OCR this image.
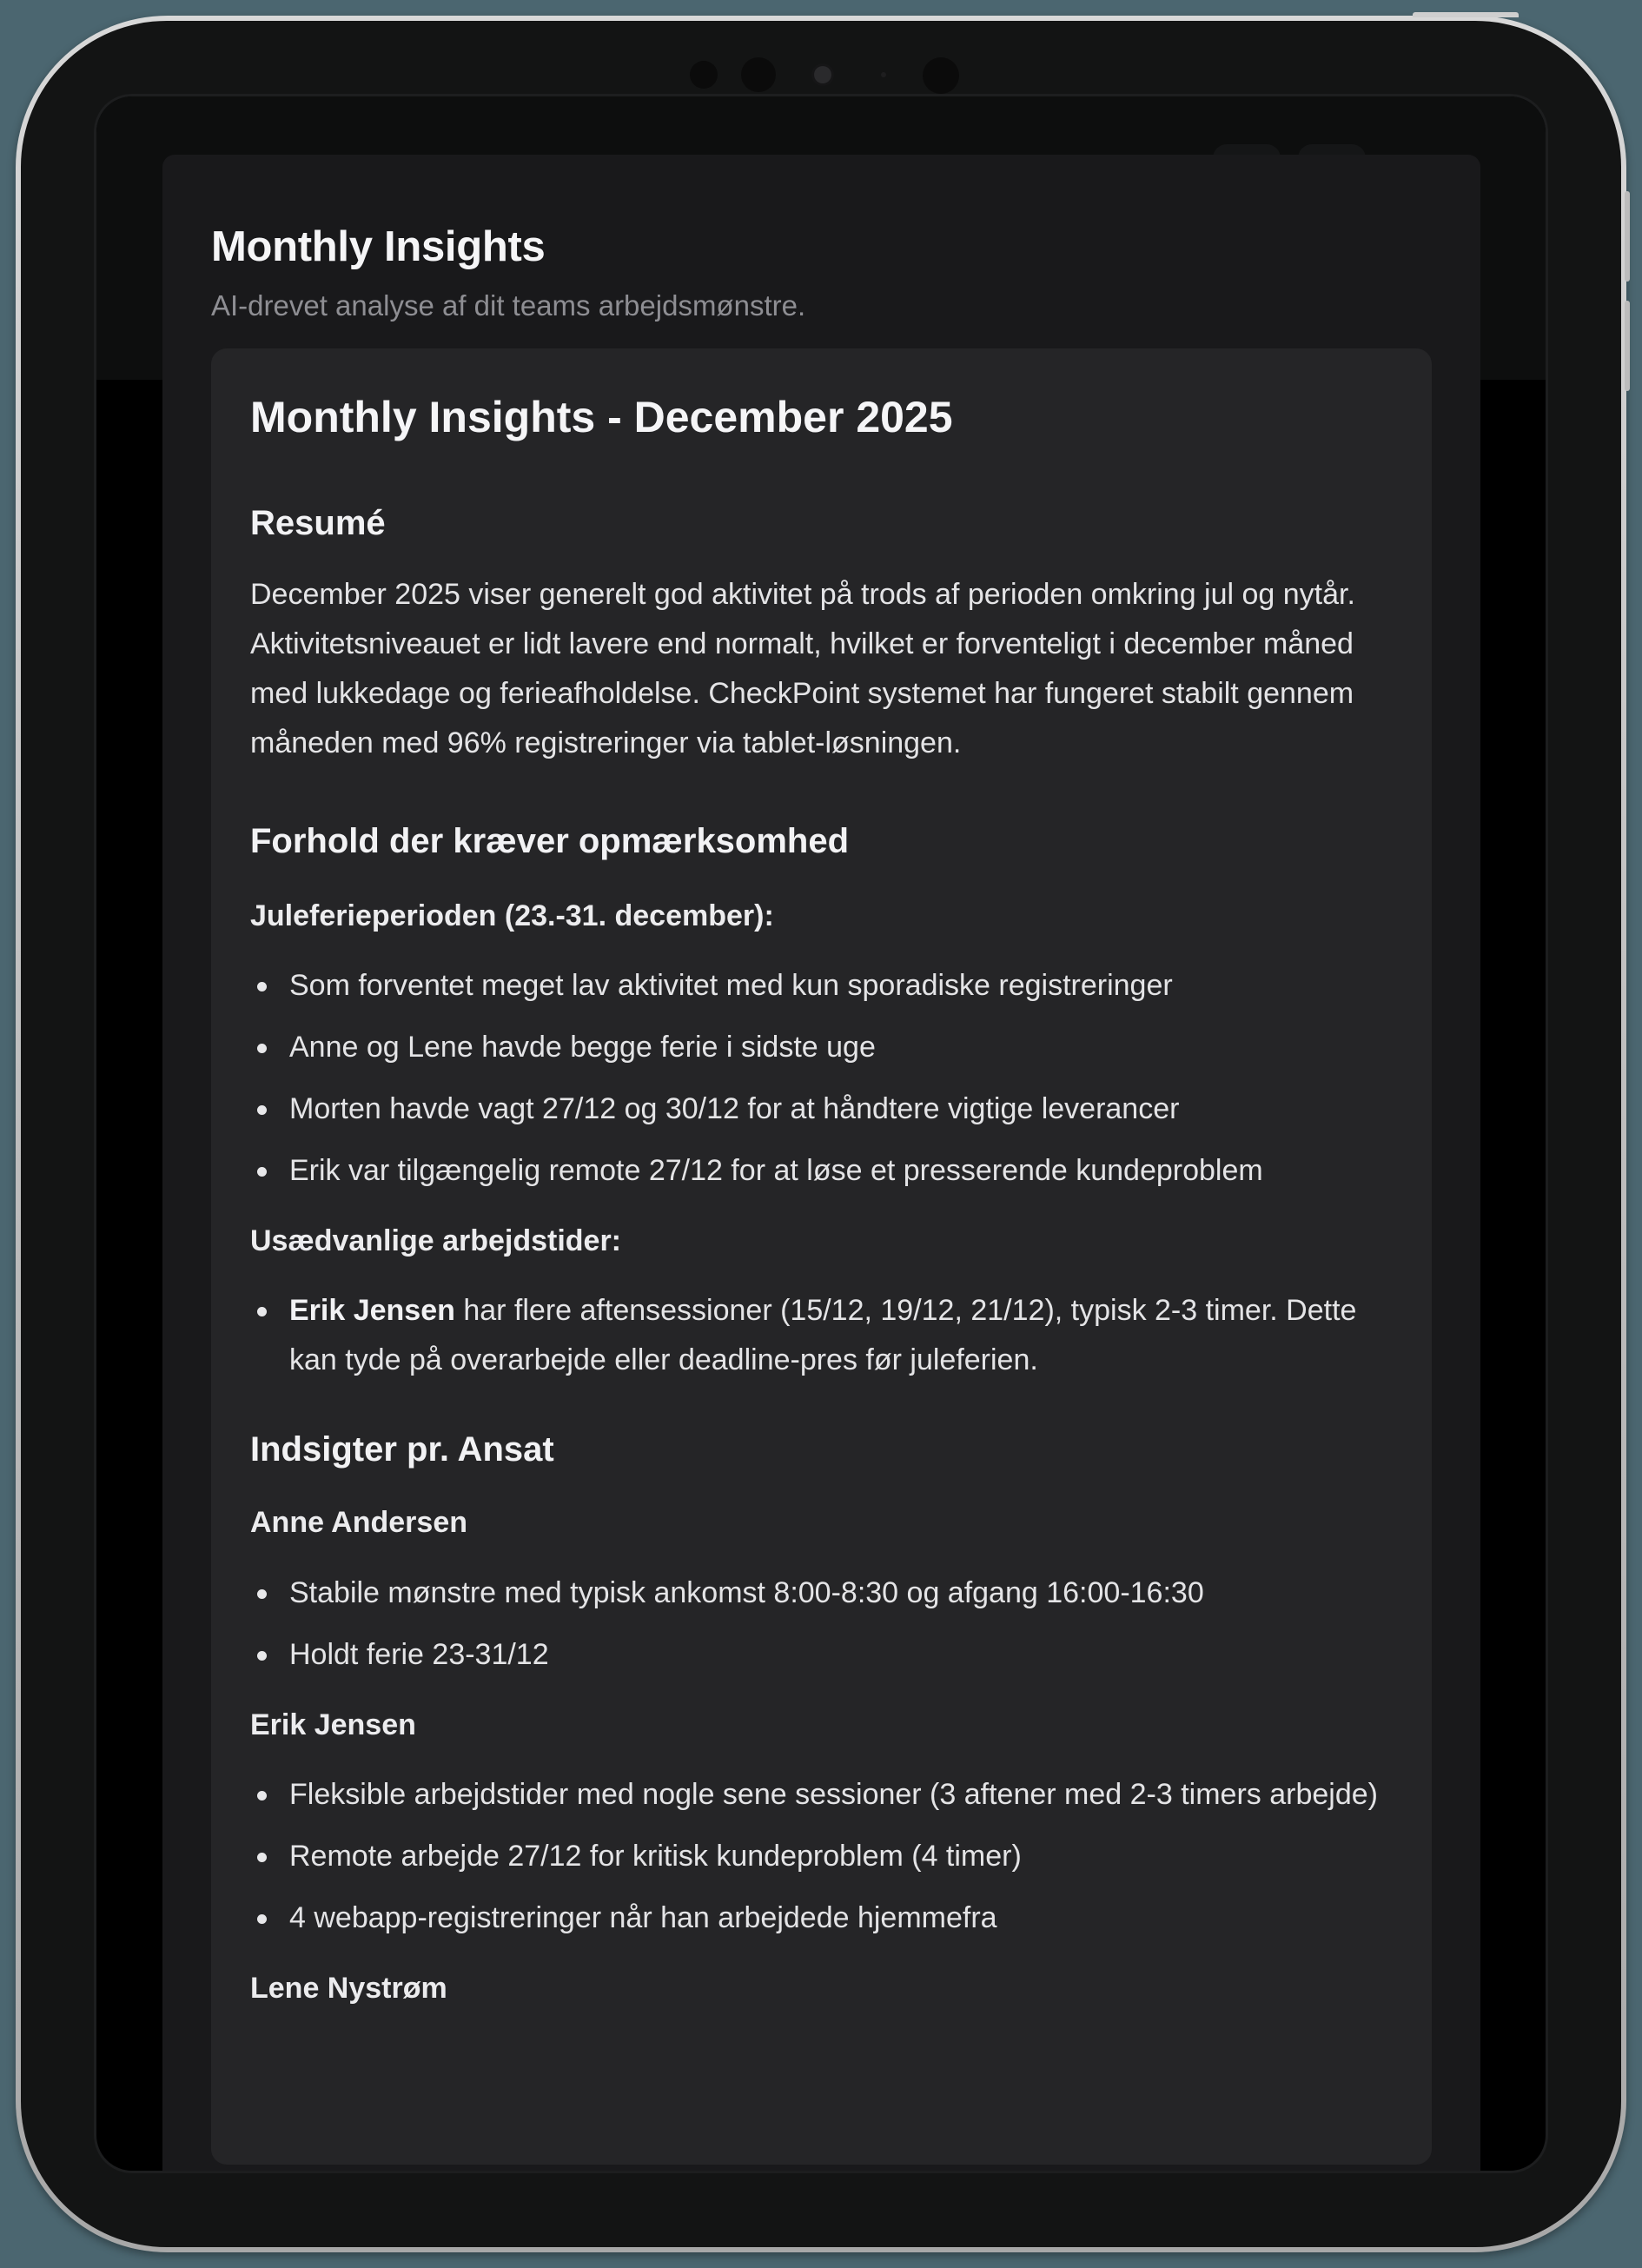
Monthly Insights

AI-drevet analyse af dit teams arbejdsmønstre.

Monthly Insights - December 2025
Resumé

December 2025 viser generelt god aktivitet på trods af perioden omkring jul og nytår. Aktivitetsniveauet er lidt lavere end normalt, hvilket er forventeligt i december måned med lukkedage og ferieafholdelse. CheckPoint systemet har fungeret stabilt gennem måneden med 96% registreringer via tablet-løsningen.

Forhold der kræver opmærksomhed
Juleferieperioden (23.-31. december):
Som forventet meget lav aktivitet med kun sporadiske registreringer
Anne og Lene havde begge ferie i sidste uge
Morten havde vagt 27/12 og 30/12 for at håndtere vigtige leverancer
Erik var tilgængelig remote 27/12 for at løse et presserende kundeproblem
Usædvanlige arbejdstider:
Erik Jensen har flere aftensessioner (15/12, 19/12, 21/12), typisk 2-3 timer. Dette kan tyde på overarbejde eller deadline-pres før juleferien.
Indsigter pr. Ansat
Anne Andersen
Stabile mønstre med typisk ankomst 8:00-8:30 og afgang 16:00-16:30
Holdt ferie 23-31/12
Erik Jensen
Fleksible arbejdstider med nogle sene sessioner (3 aftener med 2-3 timers arbejde)
Remote arbejde 27/12 for kritisk kundeproblem (4 timer)
4 webapp-registreringer når han arbejdede hjemmefra
Lene Nystrøm
